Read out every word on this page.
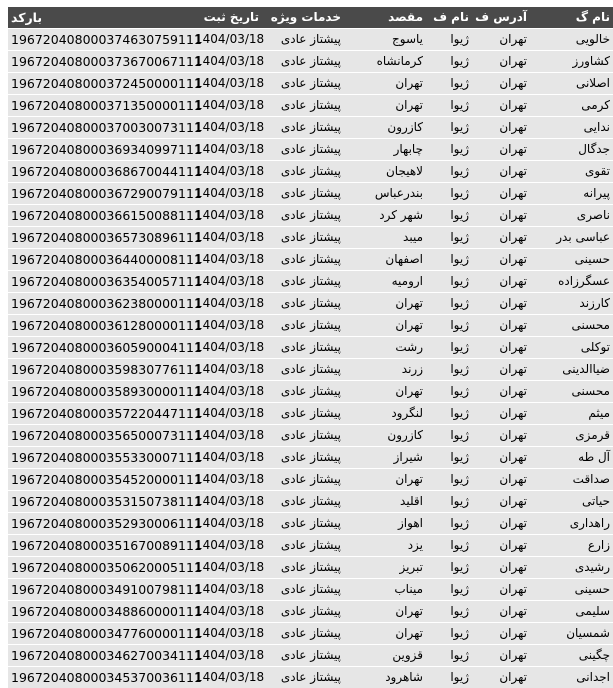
بارکد	تاریخ ثبت	خدمات ویژه	مقصد	نام ف	آدرس ف	نام گ
196720408000374630759111	1404/03/18	پیشتاز عادی	یاسوج	ژیوا	تهران	خالویی
196720408000373670067111	1404/03/18	پیشتاز عادی	کرمانشاه	ژیوا	تهران	کشاورز
196720408000372450000111	1404/03/18	پیشتاز عادی	تهران	ژیوا	تهران	اصلانی
196720408000371350000111	1404/03/18	پیشتاز عادی	تهران	ژیوا	تهران	کرمی
196720408000370030073111	1404/03/18	پیشتاز عادی	کازرون	ژیوا	تهران	ندایی
196720408000369340997111	1404/03/18	پیشتاز عادی	چابهار	ژیوا	تهران	جدگال
196720408000368670044111	1404/03/18	پیشتاز عادی	لاهیجان	ژیوا	تهران	تقوی
196720408000367290079111	1404/03/18	پیشتاز عادی	بندرعباس	ژیوا	تهران	پیرانه
196720408000366150088111	1404/03/18	پیشتاز عادی	شهر کرد	ژیوا	تهران	ناصری
196720408000365730896111	1404/03/18	پیشتاز عادی	میبد	ژیوا	تهران	عباسی بدر
196720408000364400008111	1404/03/18	پیشتاز عادی	اصفهان	ژیوا	تهران	حسینی
196720408000363540057111	1404/03/18	پیشتاز عادی	ارومیه	ژیوا	تهران	عسگرزاده
196720408000362380000111	1404/03/18	پیشتاز عادی	تهران	ژیوا	تهران	کارزند
196720408000361280000111	1404/03/18	پیشتاز عادی	تهران	ژیوا	تهران	محسنی
196720408000360590004111	1404/03/18	پیشتاز عادی	رشت	ژیوا	تهران	توکلی
196720408000359830776111	1404/03/18	پیشتاز عادی	زرند	ژیوا	تهران	ضیاالدینی
196720408000358930000111	1404/03/18	پیشتاز عادی	تهران	ژیوا	تهران	محسنی
196720408000357220447111	1404/03/18	پیشتاز عادی	لنگرود	ژیوا	تهران	میثم
196720408000356500073111	1404/03/18	پیشتاز عادی	کازرون	ژیوا	تهران	قرمزی
196720408000355330007111	1404/03/18	پیشتاز عادی	شیراز	ژیوا	تهران	آل طه
196720408000354520000111	1404/03/18	پیشتاز عادی	تهران	ژیوا	تهران	صداقت
196720408000353150738111	1404/03/18	پیشتاز عادی	اقلید	ژیوا	تهران	حیاتی
196720408000352930006111	1404/03/18	پیشتاز عادی	اهواز	ژیوا	تهران	راهداری
196720408000351670089111	1404/03/18	پیشتاز عادی	یزد	ژیوا	تهران	زارع
196720408000350620005111	1404/03/18	پیشتاز عادی	تبریز	ژیوا	تهران	رشیدی
196720408000349100798111	1404/03/18	پیشتاز عادی	میناب	ژیوا	تهران	حسینی
196720408000348860000111	1404/03/18	پیشتاز عادی	تهران	ژیوا	تهران	سلیمی
196720408000347760000111	1404/03/18	پیشتاز عادی	تهران	ژیوا	تهران	شمسیان
196720408000346270034111	1404/03/18	پیشتاز عادی	قزوین	ژیوا	تهران	چگینی
196720408000345370036111	1404/03/18	پیشتاز عادی	شاهرود	ژیوا	تهران	اجدانی
